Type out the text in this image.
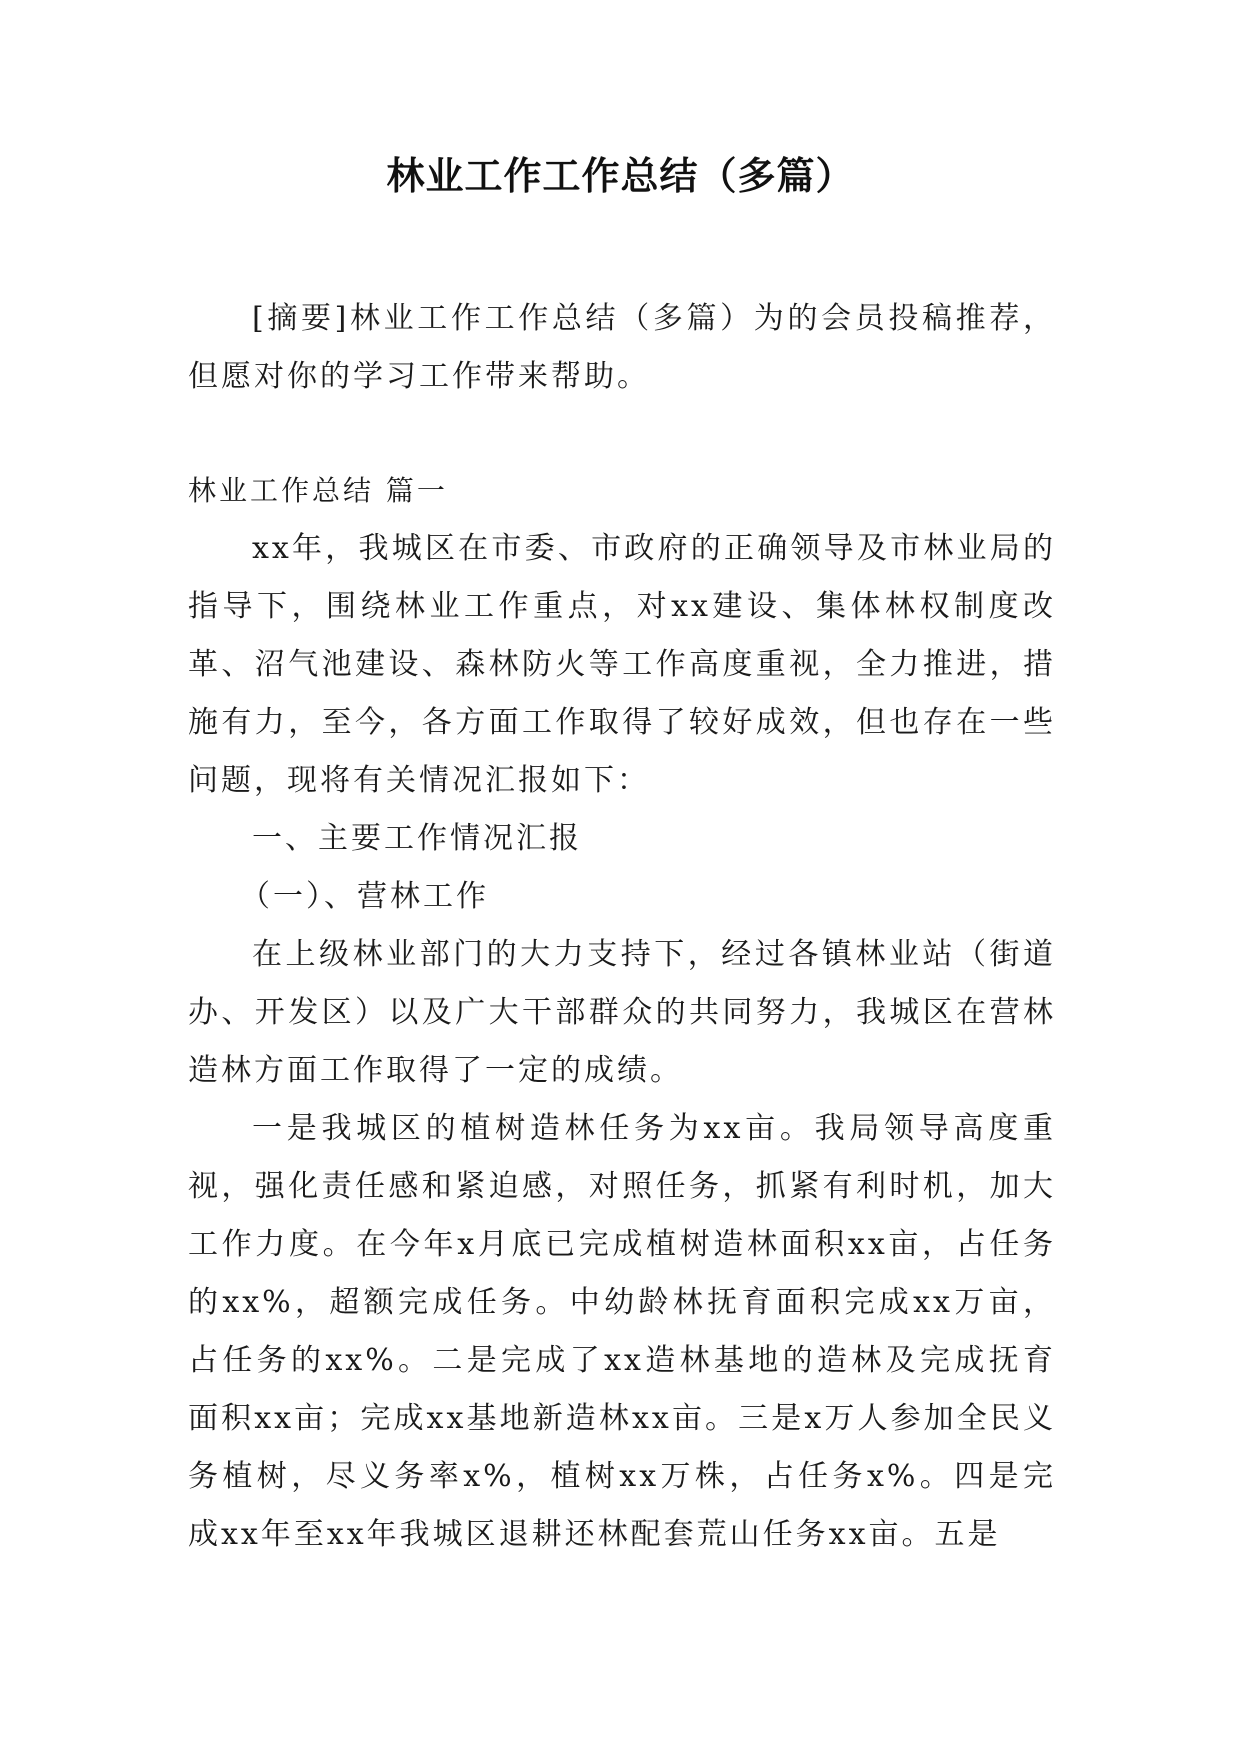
林业工作工作总结（多篇）

[摘要]林业工作工作总结（多篇）为的会员投稿推荐，但愿对你的学习工作带来帮助。

林业工作总结 篇一

xx年，我城区在市委、市政府的正确领导及市林业局的指导下，围绕林业工作重点，对xx建设、集体林权制度改革、沼气池建设、森林防火等工作高度重视，全力推进，措施有力，至今，各方面工作取得了较好成效，但也存在一些问题，现将有关情况汇报如下：

一、主要工作情况汇报

（一）、营林工作

在上级林业部门的大力支持下，经过各镇林业站（街道办、开发区）以及广大干部群众的共同努力，我城区在营林造林方面工作取得了一定的成绩。

一是我城区的植树造林任务为xx亩。我局领导高度重视，强化责任感和紧迫感，对照任务，抓紧有利时机，加大工作力度。在今年x月底已完成植树造林面积xx亩，占任务的xx%，超额完成任务。中幼龄林抚育面积完成xx万亩，占任务的xx%。二是完成了xx造林基地的造林及完成抚育面积xx亩；完成xx基地新造林xx亩。三是x万人参加全民义务植树，尽义务率x%，植树xx万株，占任务x%。四是完成xx年至xx年我城区退耕还林配套荒山任务xx亩。五是
